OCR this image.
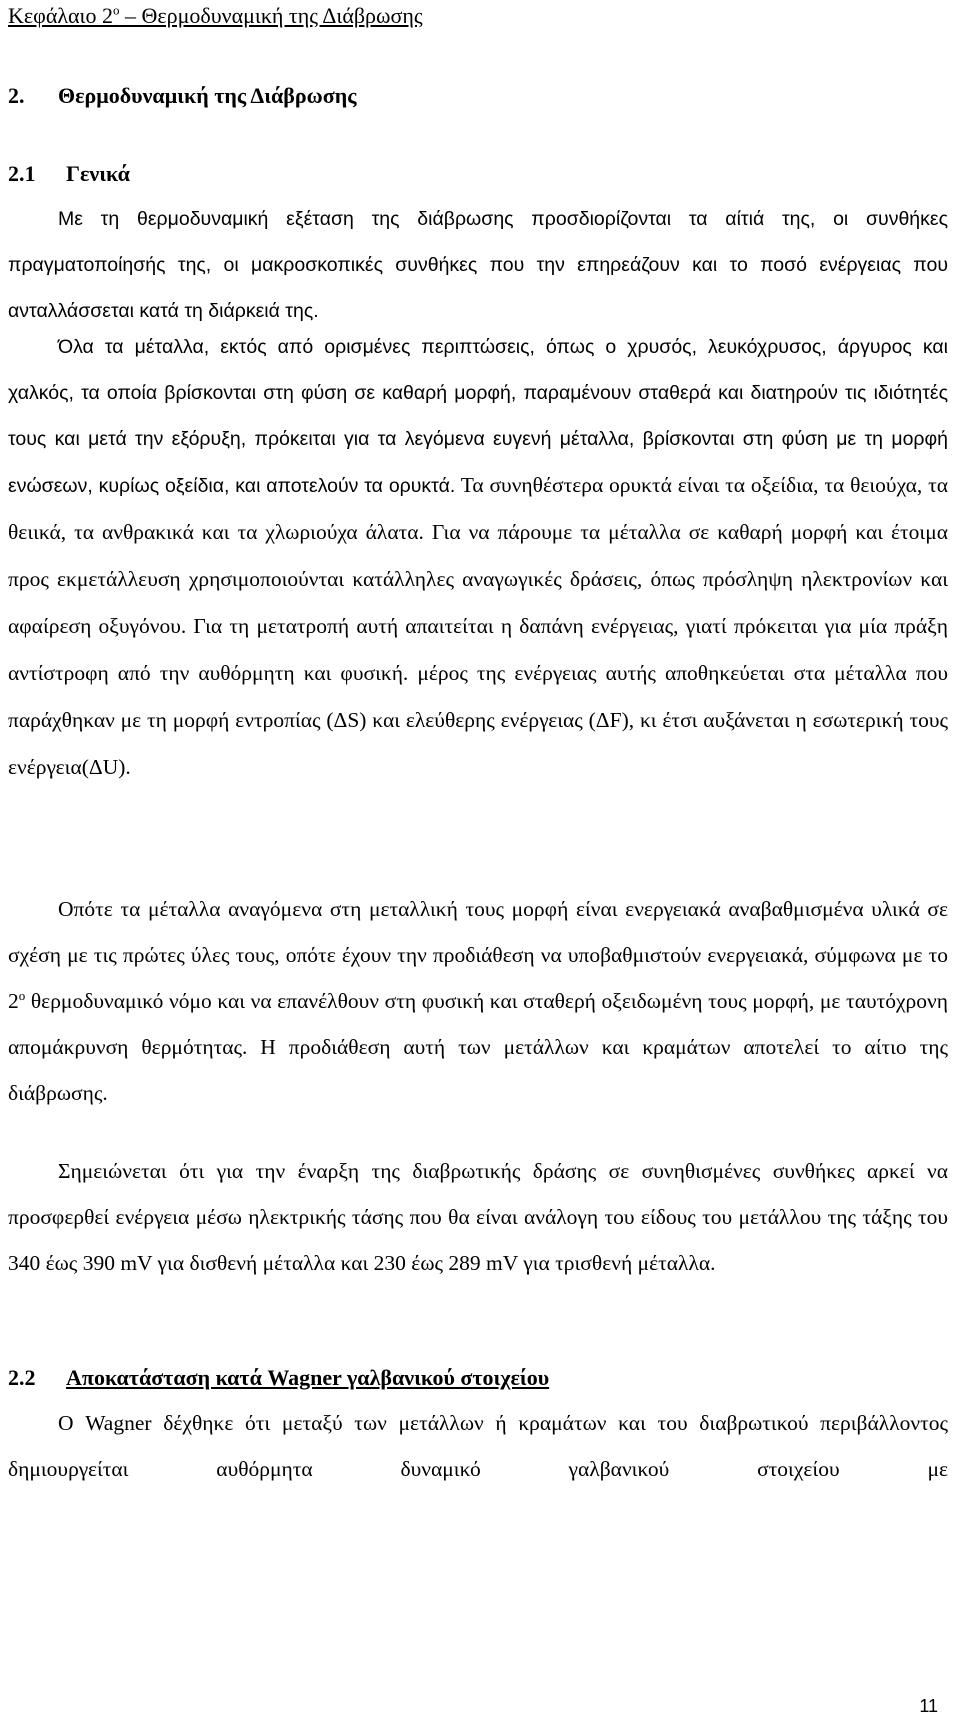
Κεφάλαιο $2^o$ – Θερμοδυναμική της Διάβρωσης
2. Θερμοδυναμική της Διάβρωσης
2.1 Γενικά
Με τη θερμοδυναμική εξέταση της διάβρωσης προσδιορίζονται τα αίτιά της, οι συνθήκες πραγματοποίησής της, οι μακροσκοπικές συνθήκες που την επηρεάζουν και το ποσό ενέργειας που ανταλλάσσεται κατά τη διάρκειά της.
Όλα τα μέταλλα, εκτός από ορισμένες περιπτώσεις, όπως ο χρυσός, λευκόχρυσος, άργυρος και χαλκός, τα οποία βρίσκονται στη φύση σε καθαρή μορφή, παραμένουν σταθερά και διατηρούν τις ιδιότητές τους και μετά την εξόρυξη, πρόκειται για τα λεγόμενα ευγενή μέταλλα, βρίσκονται στη φύση με τη μορφή ενώσεων, κυρίως οξείδια, και αποτελούν τα ορυκτά. Τα συνηθέστερα ορυκτά είναι τα οξείδια, τα θειούχα, τα θειικά, τα ανθρακικά και τα χλωριούχα άλατα. Για να πάρουμε τα μέταλλα σε καθαρή μορφή και έτοιμα προς εκμετάλλευση χρησιμοποιούνται κατάλληλες αναγωγικές δράσεις, όπως πρόσληψη ηλεκτρονίων και αφαίρεση οξυγόνου. Για τη μετατροπή αυτή απαιτείται η δαπάνη ενέργειας, γιατί πρόκειται για μία πράξη αντίστροφη από την αυθόρμητη και φυσική. μέρος της ενέργειας αυτής αποθηκεύεται στα μέταλλα που παράχθηκαν με τη μορφή εντροπίας (ΔS) και ελεύθερης ενέργειας (ΔF), κι έτσι αυξάνεται η εσωτερική τους ενέργεια(ΔU).
Οπότε τα μέταλλα αναγόμενα στη μεταλλική τους μορφή είναι ενεργειακά αναβαθμισμένα υλικά σε σχέση με τις πρώτες ύλες τους, οπότε έχουν την προδιάθεση να υποβαθμιστούν ενεργειακά, σύμφωνα με το $2^o$ θερμοδυναμικό νόμο και να επανέλθουν στη φυσική και σταθερή οξειδωμένη τους μορφή, με ταυτόχρονη απομάκρυνση θερμότητας. Η προδιάθεση αυτή των μετάλλων και κραμάτων αποτελεί το αίτιο της διάβρωσης.
Σημειώνεται ότι για την έναρξη της διαβρωτικής δράσης σε συνηθισμένες συνθήκες αρκεί να προσφερθεί ενέργεια μέσω ηλεκτρικής τάσης που θα είναι ανάλογη του είδους του μετάλλου της τάξης του 340 έως 390 mV για δισθενή μέταλλα και 230 έως 289 mV για τρισθενή μέταλλα.
2.2 Αποκατάσταση κατά Wagner γαλβανικού στοιχείου
Ο Wagner δέχθηκε ότι μεταξύ των μετάλλων ή κραμάτων και του διαβρωτικού περιβάλλοντος δημιουργείται αυθόρμητα δυναμικό γαλβανικού στοιχείου με
11
